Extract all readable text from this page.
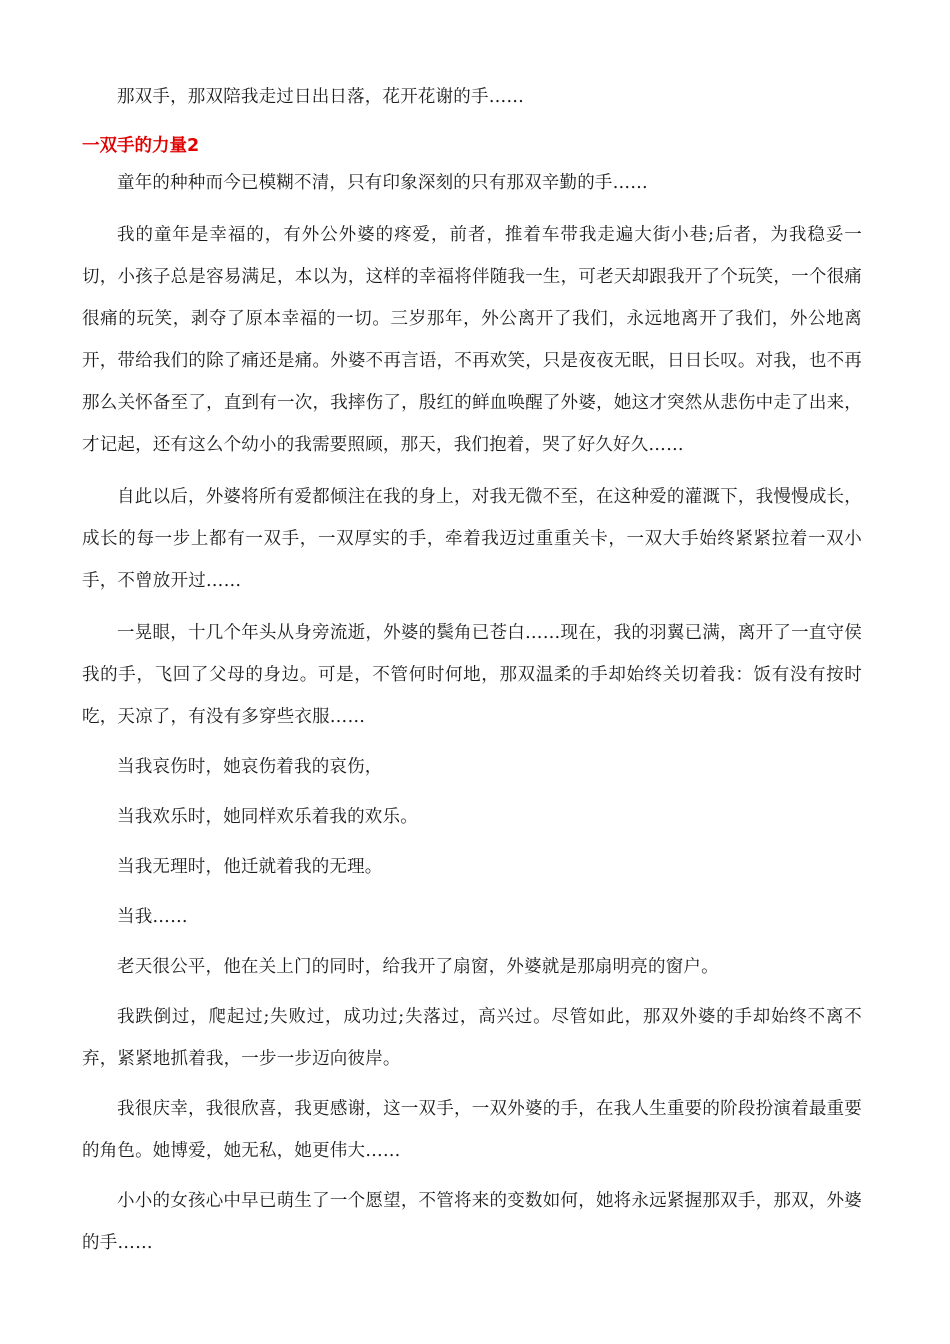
那双手，那双陪我走过日出日落，花开花谢的手……

一双手的力量2

童年的种种而今已模糊不清，只有印象深刻的只有那双辛勤的手……

我的童年是幸福的，有外公外婆的疼爱，前者，推着车带我走遍大街小巷;后者，为我稳妥一切，小孩子总是容易满足，本以为，这样的幸福将伴随我一生，可老天却跟我开了个玩笑，一个很痛很痛的玩笑，剥夺了原本幸福的一切。三岁那年，外公离开了我们，永远地离开了我们，外公地离开，带给我们的除了痛还是痛。外婆不再言语，不再欢笑，只是夜夜无眠，日日长叹。对我，也不再那么关怀备至了，直到有一次，我摔伤了，殷红的鲜血唤醒了外婆，她这才突然从悲伤中走了出来，才记起，还有这么个幼小的我需要照顾，那天，我们抱着，哭了好久好久……

自此以后，外婆将所有爱都倾注在我的身上，对我无微不至，在这种爱的灌溉下，我慢慢成长，成长的每一步上都有一双手，一双厚实的手，牵着我迈过重重关卡，一双大手始终紧紧拉着一双小手，不曾放开过……

一晃眼，十几个年头从身旁流逝，外婆的鬓角已苍白……现在，我的羽翼已满，离开了一直守侯我的手，飞回了父母的身边。可是，不管何时何地，那双温柔的手却始终关切着我：饭有没有按时吃，天凉了，有没有多穿些衣服……

当我哀伤时，她哀伤着我的哀伤，

当我欢乐时，她同样欢乐着我的欢乐。

当我无理时，他迁就着我的无理。

当我……

老天很公平，他在关上门的同时，给我开了扇窗，外婆就是那扇明亮的窗户。

我跌倒过，爬起过;失败过，成功过;失落过，高兴过。尽管如此，那双外婆的手却始终不离不弃，紧紧地抓着我，一步一步迈向彼岸。

我很庆幸，我很欣喜，我更感谢，这一双手，一双外婆的手，在我人生重要的阶段扮演着最重要的角色。她博爱，她无私，她更伟大……

小小的女孩心中早已萌生了一个愿望，不管将来的变数如何，她将永远紧握那双手，那双，外婆的手……
